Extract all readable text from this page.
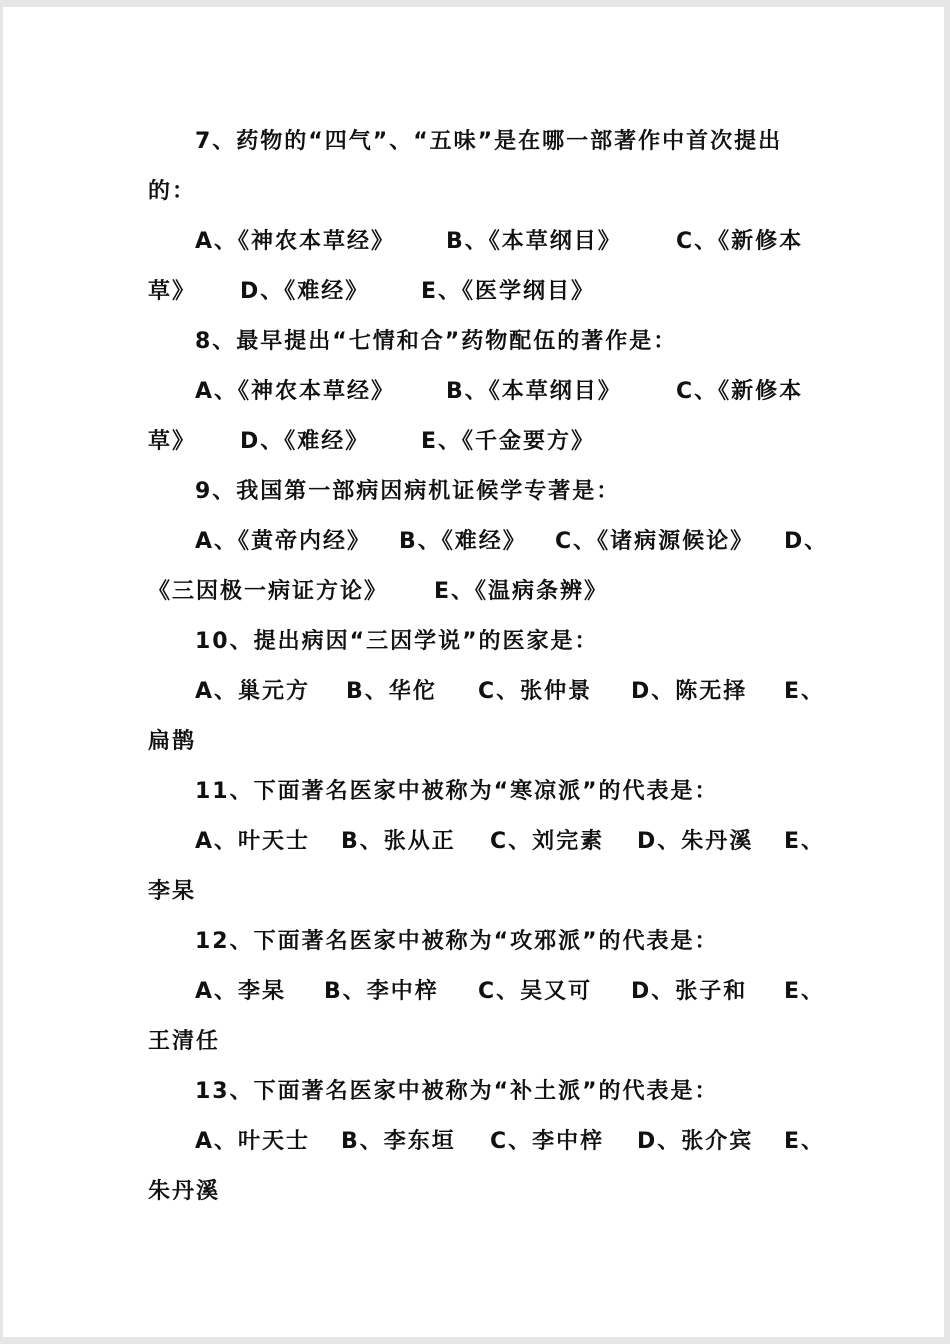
7、药物的“四气”、“五味”是在哪一部著作中首次提出
的：
A、《神农本草经》 B、《本草纲目》 C、《新修本
草》 D、《难经》 E、《医学纲目》
8、最早提出“七情和合”药物配伍的著作是：
A、《神农本草经》 B、《本草纲目》 C、《新修本
草》 D、《难经》 E、《千金要方》
9、我国第一部病因病机证候学专著是：
A、《黄帝内经》 B、《难经》 C、《诸病源候论》 D、
《三因极一病证方论》 E、《温病条辨》
10、提出病因“三因学说”的医家是：
A、巢元方 B、华佗 C、张仲景 D、陈无择 E、
扁鹊
11、下面著名医家中被称为“寒凉派”的代表是：
A、叶天士 B、张从正 C、刘完素 D、朱丹溪 E、
李杲
12、下面著名医家中被称为“攻邪派”的代表是：
A、李杲 B、李中梓 C、吴又可 D、张子和 E、
王清任
13、下面著名医家中被称为“补土派”的代表是：
A、叶天士 B、李东垣 C、李中梓 D、张介宾 E、
朱丹溪
